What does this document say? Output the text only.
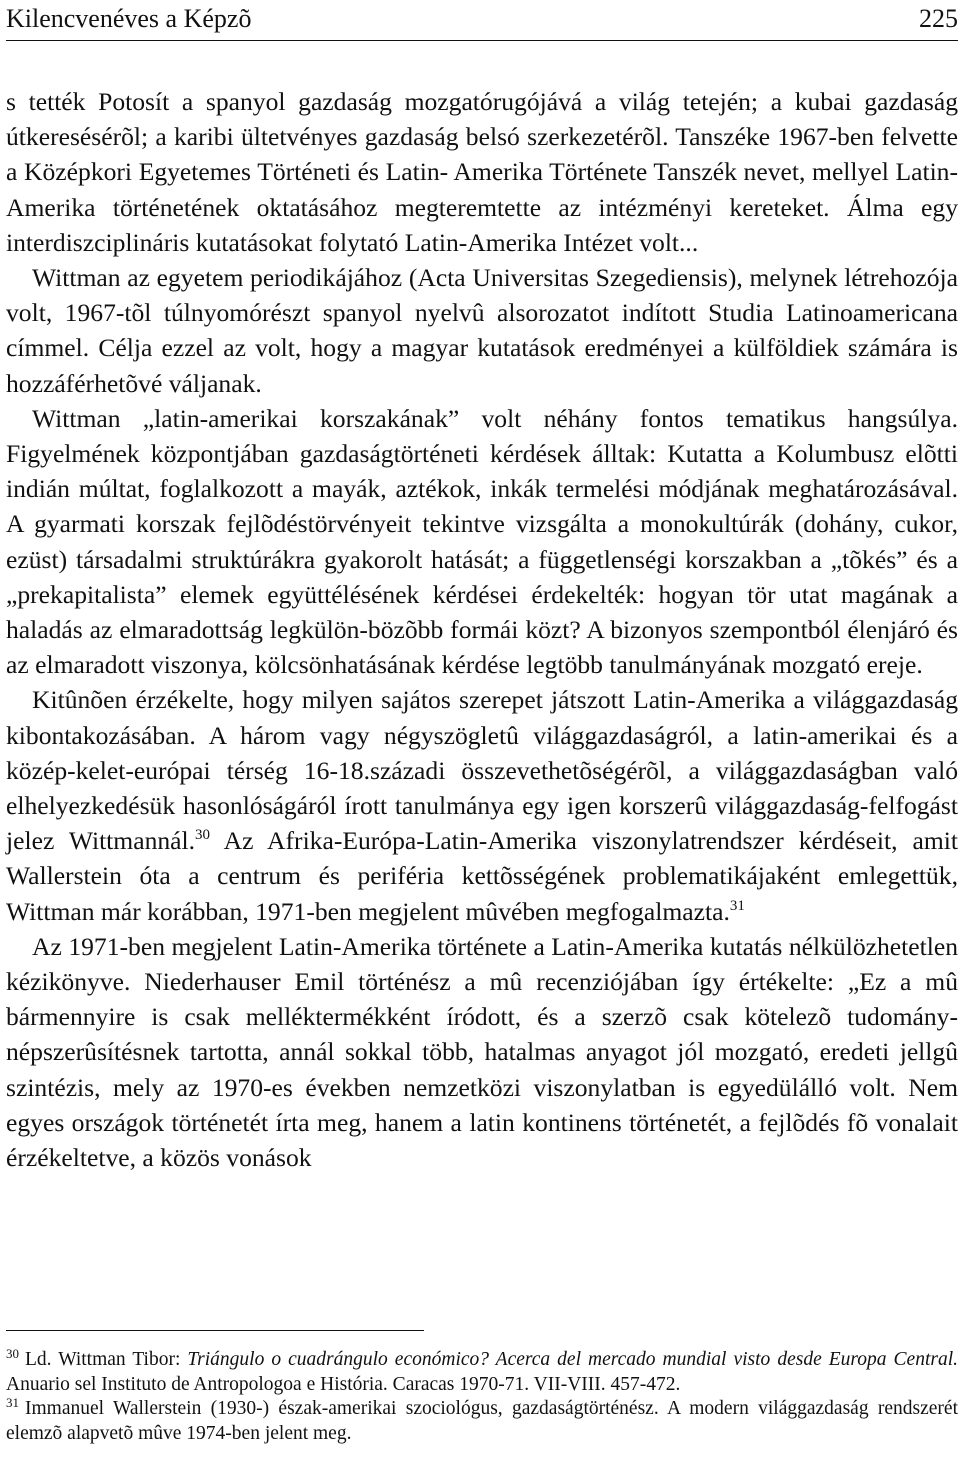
Kilencvenéves a Képzõ	225

s tették Potosít a spanyol gazdaság mozgatórugójává a világ tetején; a kubai gazdaság útkeresésérõl; a karibi ültetvényes gazdaság belsó szerkezetérõl. Tanszéke 1967-ben felvette a Középkori Egyetemes Történeti és Latin- Amerika Története Tanszék nevet, mellyel Latin-Amerika történetének oktatásához megteremtette az intézményi kereteket. Álma egy interdiszciplináris kutatásokat folytató Latin-Amerika Intézet volt...

Wittman az egyetem periodikájához (Acta Universitas Szegediensis), melynek létrehozója volt, 1967-tõl túlnyomórészt spanyol nyelvû alsorozatot indított Studia Latinoamericana címmel. Célja ezzel az volt, hogy a magyar kutatások eredményei a külföldiek számára is hozzáférhetõvé váljanak.

Wittman „latin-amerikai korszakának” volt néhány fontos tematikus hangsúlya. Figyelmének központjában gazdaságtörténeti kérdések álltak: Kutatta a Kolumbusz elõtti indián múltat, foglalkozott a mayák, aztékok, inkák termelési módjának meghatározásával. A gyarmati korszak fejlõdéstörvényeit tekintve vizsgálta a monokultúrák (dohány, cukor, ezüst) társadalmi struktúrákra gyakorolt hatását; a függetlenségi korszakban a „tõkés” és a „prekapitalista” elemek együttélésének kérdései érdekelték: hogyan tör utat magának a haladás az elmaradottság legkülön-bözõbb formái közt? A bizonyos szempontból élenjáró és az elmaradott viszonya, kölcsönhatásának kérdése legtöbb tanulmányának mozgató ereje.

Kitûnõen érzékelte, hogy milyen sajátos szerepet játszott Latin-Amerika a világgazdaság kibontakozásában. A három vagy négyszögletû világgazdaságról, a latin-amerikai és a közép-kelet-európai térség 16-18.századi összevethetõségérõl, a világgazdaságban való elhelyezkedésük hasonlóságáról írott tanulmánya egy igen korszerû világgazdaság-felfogást jelez Wittmannál.$^{30}$ Az Afrika-Európa-Latin-Amerika viszonylatrendszer kérdéseit, amit Wallerstein óta a centrum és periféria kettõsségének problematikájaként emlegettük, Wittman már korábban, 1971-ben megjelent mûvében megfogalmazta.$^{31}$

Az 1971-ben megjelent Latin-Amerika története a Latin-Amerika kutatás nélkülözhetetlen kézikönyve. Niederhauser Emil történész a mû recenziójában így értékelte: „Ez a mû bármennyire is csak melléktermékként íródott, és a szerzõ csak kötelezõ tudomány-népszerûsítésnek tartotta, annál sokkal több, hatalmas anyagot jól mozgató, eredeti jellgû szintézis, mely az 1970-es években nemzetközi viszonylatban is egyedülálló volt. Nem egyes országok történetét írta meg, hanem a latin kontinens történetét, a fejlõdés fõ vonalait érzékeltetve, a közös vonások

$^{30}$ Ld. Wittman Tibor: Triángulo o cuadrángulo económico? Acerca del mercado mundial visto desde Europa Central. Anuario sel Instituto de Antropologoa e História. Caracas 1970-71. VII-VIII. 457-472.

$^{31}$ Immanuel Wallerstein (1930-) észak-amerikai szociológus, gazdaságtörténész. A modern világgazdaság rendszerét elemzõ alapvetõ mûve 1974-ben jelent meg.
